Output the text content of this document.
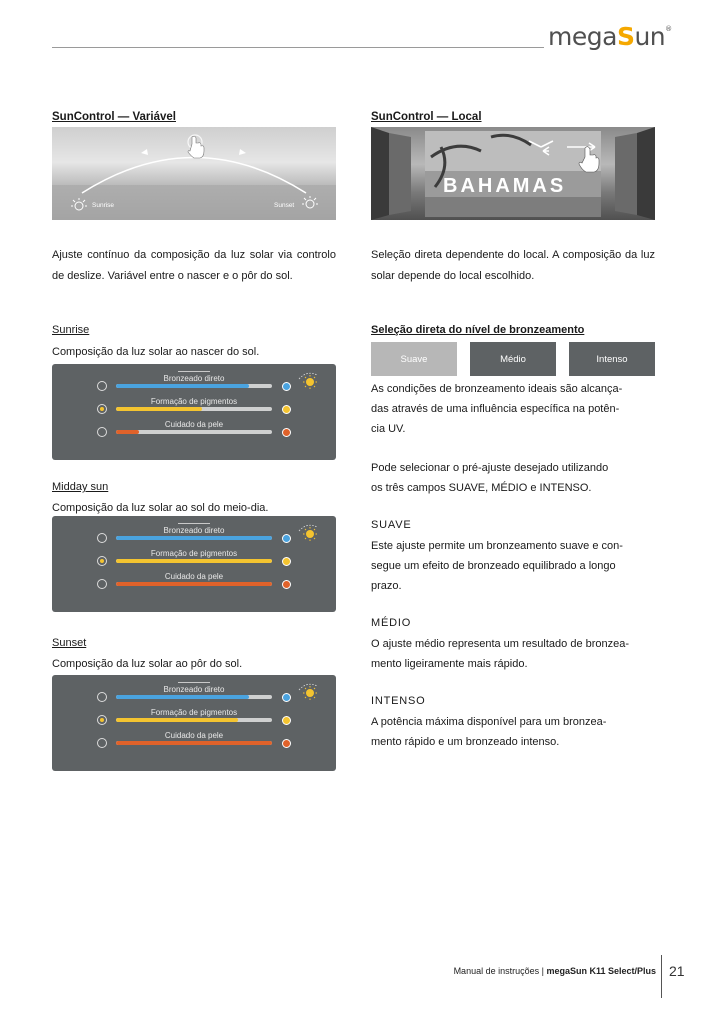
megaSun®
SunControl — Variável
Sunrise	Sunset
Ajuste contínuo da composição da luz solar via controlo de deslize. Variável entre o nascer e o pôr do sol.
Sunrise
Composição da luz solar ao nascer do sol.
Bronzeado direto
Formação de pigmentos
Cuidado da pele
Midday sun
Composição da luz solar ao sol do meio-dia.
Bronzeado direto
Formação de pigmentos
Cuidado da pele
Sunset
Composição da luz solar ao pôr do sol.
Bronzeado direto
Formação de pigmentos
Cuidado da pele
SunControl — Local
BAHAMAS
Seleção direta dependente do local. A composição da luz solar depende do local escolhido.
Seleção direta do nível de bronzeamento
Suave	Médio	Intenso
As condições de bronzeamento ideais são alcança-
das através de uma influência específica na potên-
cia UV.
Pode selecionar o pré-ajuste desejado utilizando
os três campos SUAVE, MÉDIO e INTENSO.
SUAVE
Este ajuste permite um bronzeamento suave e con-
segue um efeito de bronzeado equilibrado a longo
prazo.
MÉDIO
O ajuste médio representa um resultado de bronzea-
mento ligeiramente mais rápido.
INTENSO
A potência máxima disponível para um bronzea-
mento rápido e um bronzeado intenso.
Manual de instruções | megaSun K11 Select/Plus 21
